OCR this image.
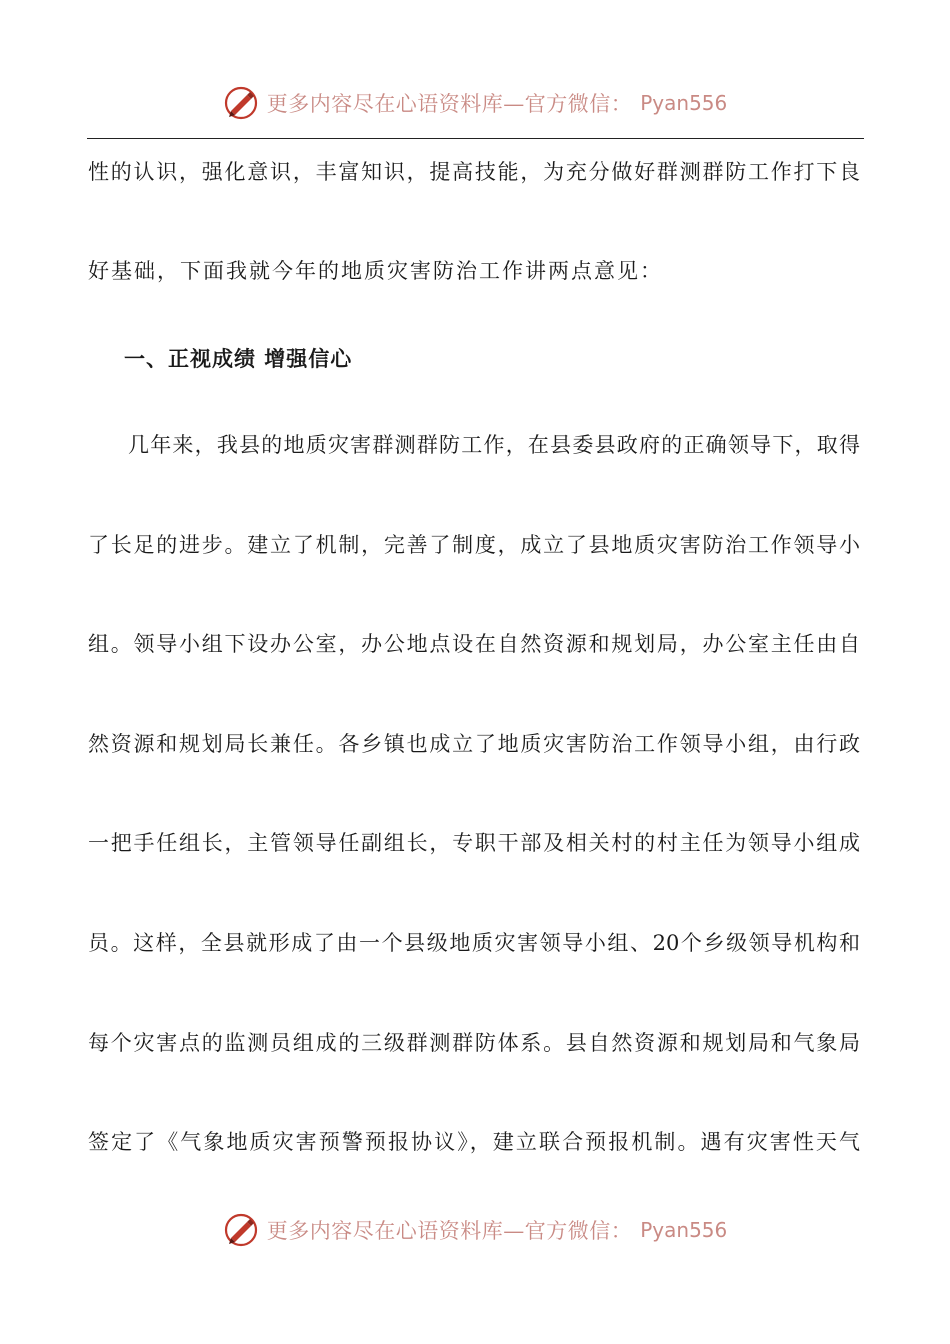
更多内容尽在心语资料库—官方微信： Pyan556
性的认识，强化意识，丰富知识，提高技能，为充分做好群测群防工作打下良
好基础，下面我就今年的地质灾害防治工作讲两点意见：
一、正视成绩 增强信心
几年来，我县的地质灾害群测群防工作，在县委县政府的正确领导下，取得
了长足的进步。建立了机制，完善了制度，成立了县地质灾害防治工作领导小
组。领导小组下设办公室，办公地点设在自然资源和规划局，办公室主任由自
然资源和规划局长兼任。各乡镇也成立了地质灾害防治工作领导小组，由行政
一把手任组长，主管领导任副组长，专职干部及相关村的村主任为领导小组成
员。这样，全县就形成了由一个县级地质灾害领导小组、20个乡级领导机构和
每个灾害点的监测员组成的三级群测群防体系。县自然资源和规划局和气象局
签定了《气象地质灾害预警预报协议》，建立联合预报机制。遇有灾害性天气
更多内容尽在心语资料库—官方微信： Pyan556
